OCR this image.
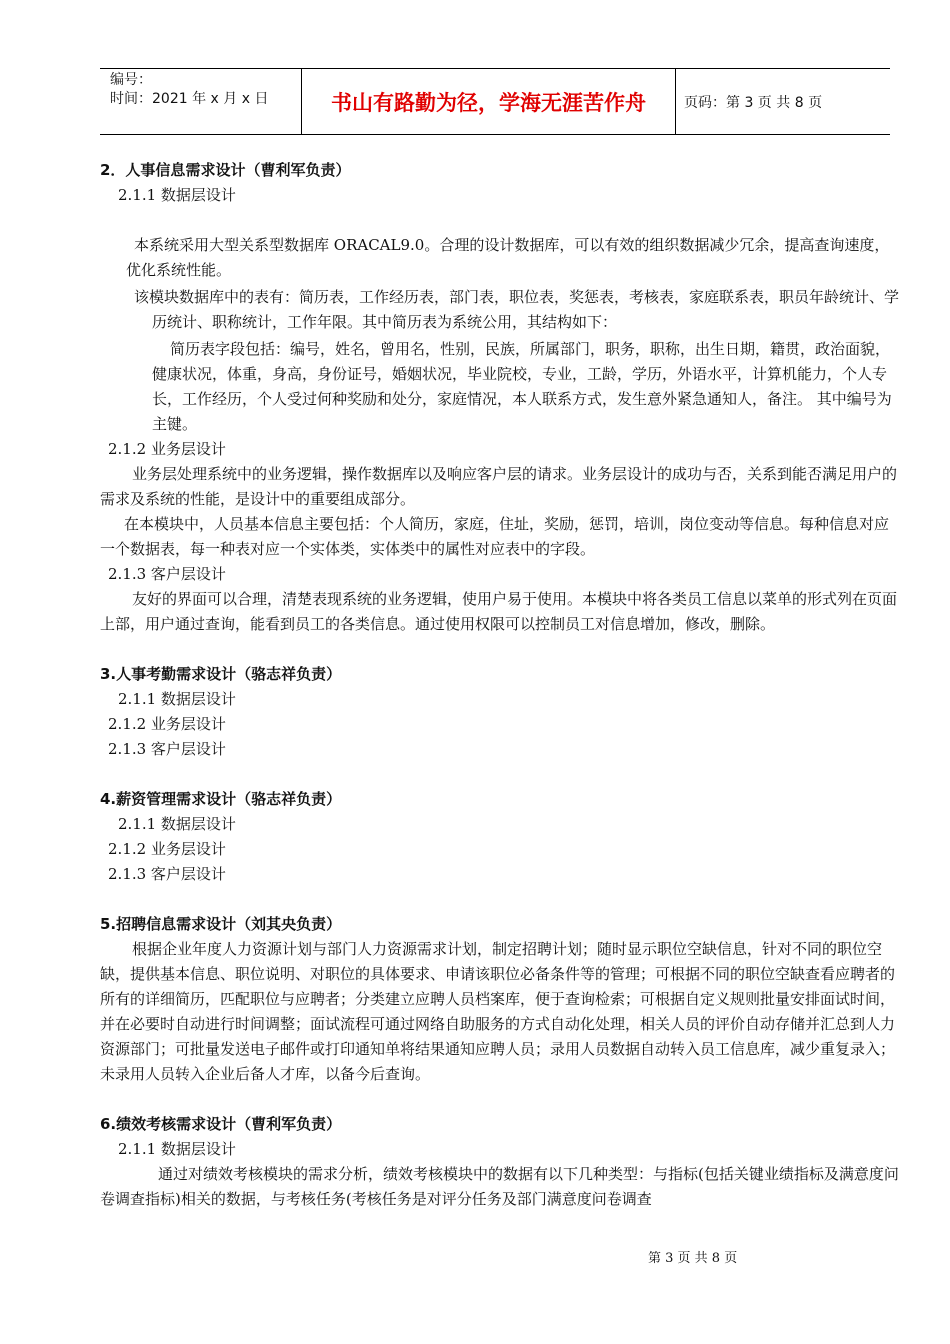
编号：
时间：2021 年 x 月 x 日	书山有路勤为径，学海无涯苦作舟	页码：第 3 页 共 8 页

2．人事信息需求设计（曹利军负责）

2.1.1 数据层设计

本系统采用大型关系型数据库 ORACAL9.0。合理的设计数据库，可以有效的组织数据减少冗余，提高查询速度，优化系统性能。

该模块数据库中的表有：简历表，工作经历表，部门表，职位表，奖惩表，考核表，家庭联系表，职员年龄统计、学历统计、职称统计，工作年限。其中简历表为系统公用，其结构如下：

简历表字段包括：编号，姓名，曾用名，性别，民族，所属部门，职务，职称，出生日期，籍贯，政治面貌，健康状况，体重，身高，身份证号，婚姻状况，毕业院校，专业，工龄，学历，外语水平，计算机能力，个人专长，工作经历，个人受过何种奖励和处分，家庭情况，本人联系方式，发生意外紧急通知人，备注。 其中编号为主键。

2.1.2 业务层设计

业务层处理系统中的业务逻辑，操作数据库以及响应客户层的请求。业务层设计的成功与否，关系到能否满足用户的需求及系统的性能，是设计中的重要组成部分。

在本模块中，人员基本信息主要包括：个人简历，家庭，住址，奖励，惩罚，培训，岗位变动等信息。每种信息对应一个数据表，每一种表对应一个实体类，实体类中的属性对应表中的字段。

2.1.3 客户层设计

友好的界面可以合理，清楚表现系统的业务逻辑，使用户易于使用。本模块中将各类员工信息以菜单的形式列在页面上部，用户通过查询，能看到员工的各类信息。通过使用权限可以控制员工对信息增加，修改，删除。

3.人事考勤需求设计（骆志祥负责）

2.1.1 数据层设计

2.1.2 业务层设计

2.1.3 客户层设计

4.薪资管理需求设计（骆志祥负责）

2.1.1 数据层设计

2.1.2 业务层设计

2.1.3 客户层设计

5.招聘信息需求设计（刘其央负责）

根据企业年度人力资源计划与部门人力资源需求计划，制定招聘计划；随时显示职位空缺信息，针对不同的职位空缺，提供基本信息、职位说明、对职位的具体要求、申请该职位必备条件等的管理；可根据不同的职位空缺查看应聘者的所有的详细简历，匹配职位与应聘者；分类建立应聘人员档案库，便于查询检索；可根据自定义规则批量安排面试时间，并在必要时自动进行时间调整；面试流程可通过网络自助服务的方式自动化处理，相关人员的评价自动存储并汇总到人力资源部门；可批量发送电子邮件或打印通知单将结果通知应聘人员；录用人员数据自动转入员工信息库，减少重复录入；未录用人员转入企业后备人才库，以备今后查询。

6.绩效考核需求设计（曹利军负责）

2.1.1 数据层设计

通过对绩效考核模块的需求分析，绩效考核模块中的数据有以下几种类型：与指标(包括关键业绩指标及满意度问卷调查指标)相关的数据，与考核任务(考核任务是对评分任务及部门满意度问卷调查

第 3 页 共 8 页
